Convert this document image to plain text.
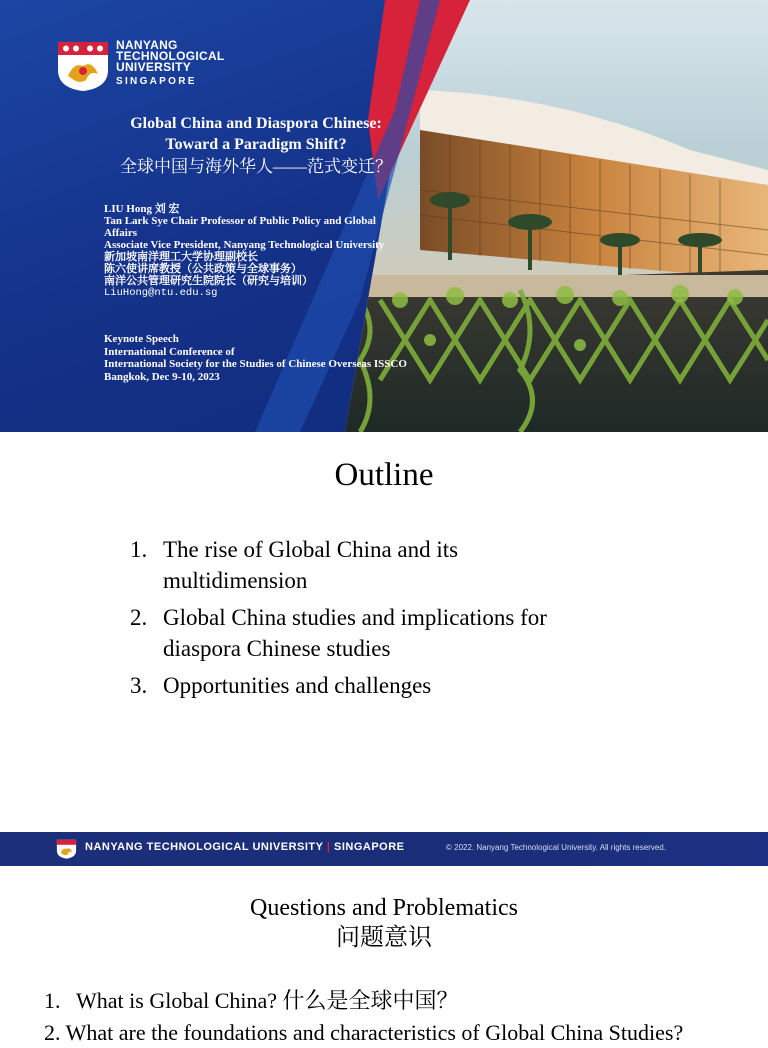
NANYANG
TECHNOLOGICAL
UNIVERSITY
SINGAPORE
Global China and Diaspora Chinese:
Toward a Paradigm Shift?
全球中国与海外华人——范式变迁？
LIU Hong 刘 宏
Tan Lark Sye Chair Professor of Public Policy and Global
Affairs
Associate Vice President, Nanyang Technological University
新加坡南洋理工大学协理副校长
陈六使讲席教授（公共政策与全球事务）
南洋公共管理研究生院院长（研究与培训）
LiuHong@ntu.edu.sg
Keynote Speech
International Conference of
International Society for the Studies of Chinese Overseas ISSCO
Bangkok, Dec 9-10, 2023
Outline
1. The rise of Global China and its
multidimension
2. Global China studies and implications for
diaspora Chinese studies
3. Opportunities and challenges
NANYANG TECHNOLOGICAL UNIVERSITY | SINGAPORE	© 2022. Nanyang Technological University. All rights reserved.
Questions and Problematics
问题意识
1. What is Global China? 什么是全球中国？
2. What are the foundations and characteristics of Global China Studies?
